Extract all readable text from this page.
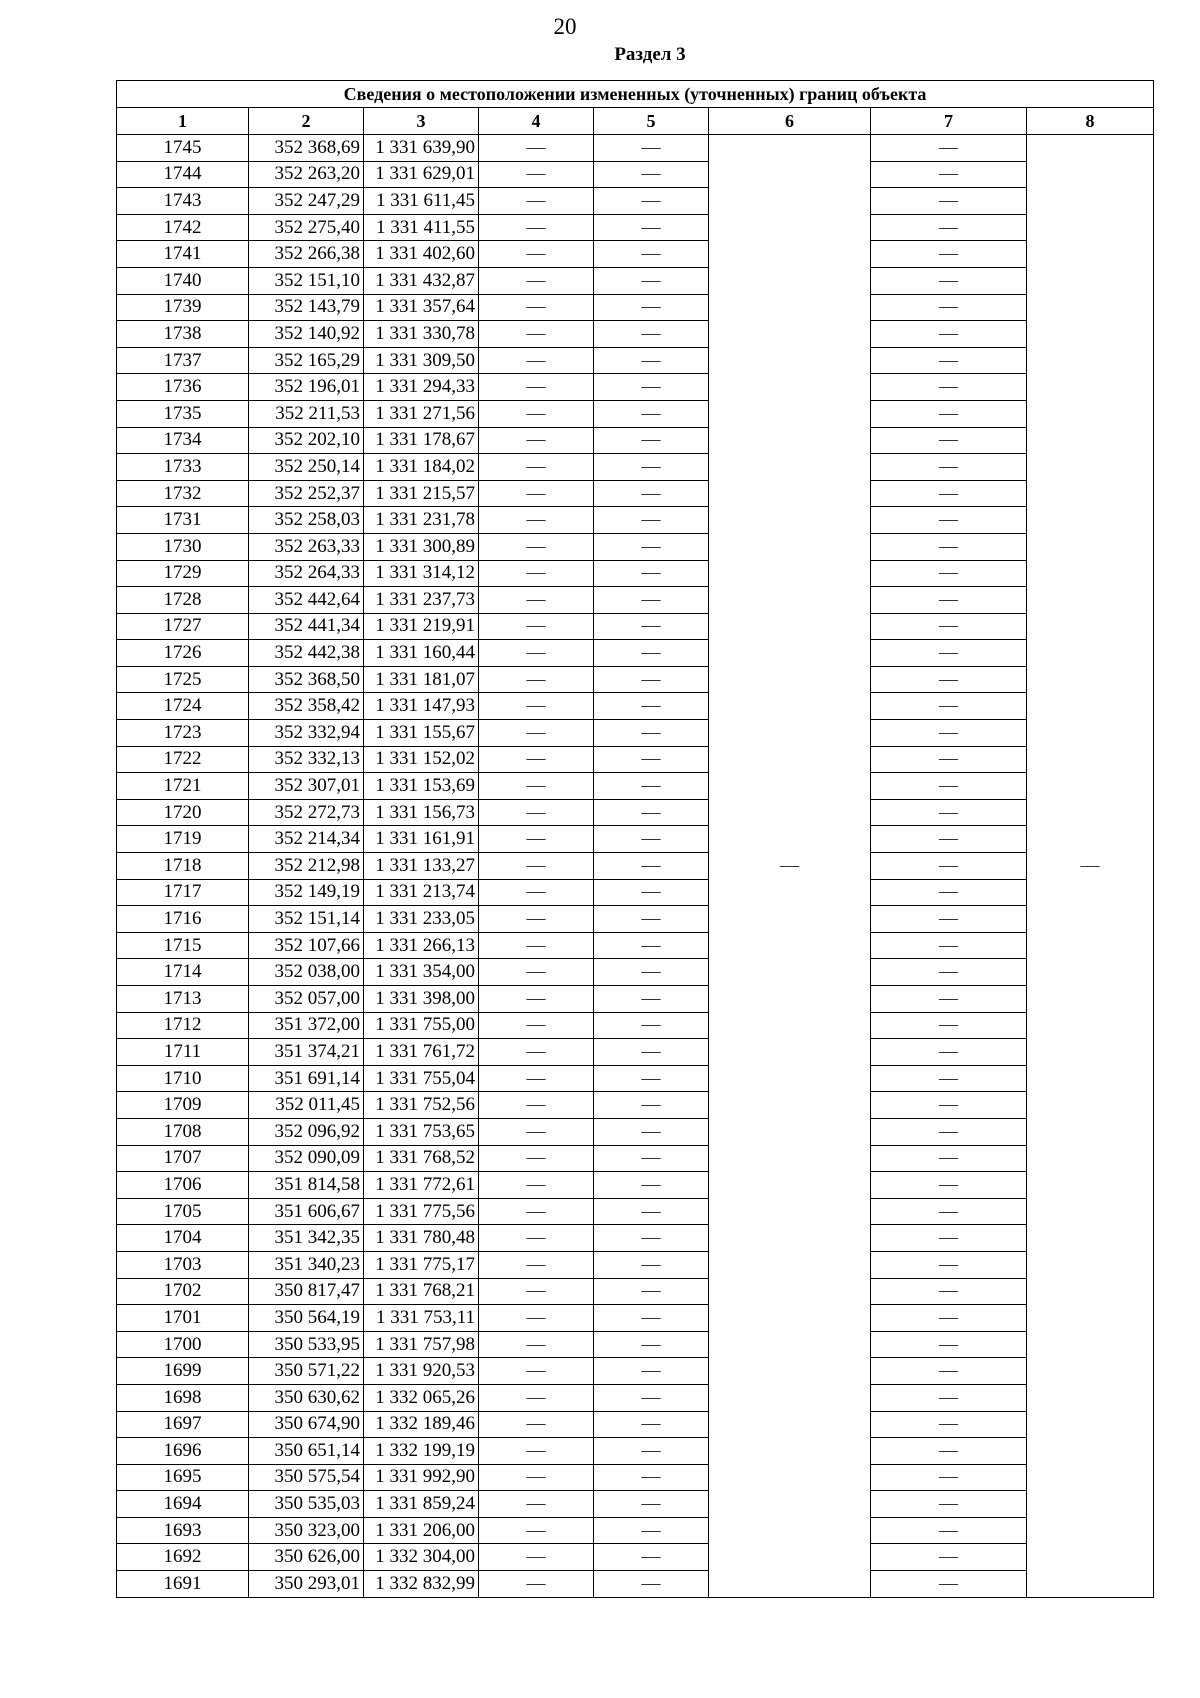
20
Раздел 3
Сведения о местоположении измененных (уточненных) границ объекта							
1	2	3	4	5	6	7	8
1745	352 368,69	1 331 639,90	—	—	—	—	—
1744	352 263,20	1 331 629,01	—	—		—	
1743	352 247,29	1 331 611,45	—	—		—	
1742	352 275,40	1 331 411,55	—	—		—	
1741	352 266,38	1 331 402,60	—	—		—	
1740	352 151,10	1 331 432,87	—	—		—	
1739	352 143,79	1 331 357,64	—	—		—	
1738	352 140,92	1 331 330,78	—	—		—	
1737	352 165,29	1 331 309,50	—	—		—	
1736	352 196,01	1 331 294,33	—	—		—	
1735	352 211,53	1 331 271,56	—	—		—	
1734	352 202,10	1 331 178,67	—	—		—	
1733	352 250,14	1 331 184,02	—	—		—	
1732	352 252,37	1 331 215,57	—	—		—	
1731	352 258,03	1 331 231,78	—	—		—	
1730	352 263,33	1 331 300,89	—	—		—	
1729	352 264,33	1 331 314,12	—	—		—	
1728	352 442,64	1 331 237,73	—	—		—	
1727	352 441,34	1 331 219,91	—	—		—	
1726	352 442,38	1 331 160,44	—	—		—	
1725	352 368,50	1 331 181,07	—	—		—	
1724	352 358,42	1 331 147,93	—	—		—	
1723	352 332,94	1 331 155,67	—	—		—	
1722	352 332,13	1 331 152,02	—	—		—	
1721	352 307,01	1 331 153,69	—	—		—	
1720	352 272,73	1 331 156,73	—	—		—	
1719	352 214,34	1 331 161,91	—	—		—	
1718	352 212,98	1 331 133,27	—	—		—	
1717	352 149,19	1 331 213,74	—	—		—	
1716	352 151,14	1 331 233,05	—	—		—	
1715	352 107,66	1 331 266,13	—	—		—	
1714	352 038,00	1 331 354,00	—	—		—	
1713	352 057,00	1 331 398,00	—	—		—	
1712	351 372,00	1 331 755,00	—	—		—	
1711	351 374,21	1 331 761,72	—	—		—	
1710	351 691,14	1 331 755,04	—	—		—	
1709	352 011,45	1 331 752,56	—	—		—	
1708	352 096,92	1 331 753,65	—	—		—	
1707	352 090,09	1 331 768,52	—	—		—	
1706	351 814,58	1 331 772,61	—	—		—	
1705	351 606,67	1 331 775,56	—	—		—	
1704	351 342,35	1 331 780,48	—	—		—	
1703	351 340,23	1 331 775,17	—	—		—	
1702	350 817,47	1 331 768,21	—	—		—	
1701	350 564,19	1 331 753,11	—	—		—	
1700	350 533,95	1 331 757,98	—	—		—	
1699	350 571,22	1 331 920,53	—	—		—	
1698	350 630,62	1 332 065,26	—	—		—	
1697	350 674,90	1 332 189,46	—	—		—	
1696	350 651,14	1 332 199,19	—	—		—	
1695	350 575,54	1 331 992,90	—	—		—	
1694	350 535,03	1 331 859,24	—	—		—	
1693	350 323,00	1 331 206,00	—	—		—	
1692	350 626,00	1 332 304,00	—	—		—	
1691	350 293,01	1 332 832,99	—	—		—	
